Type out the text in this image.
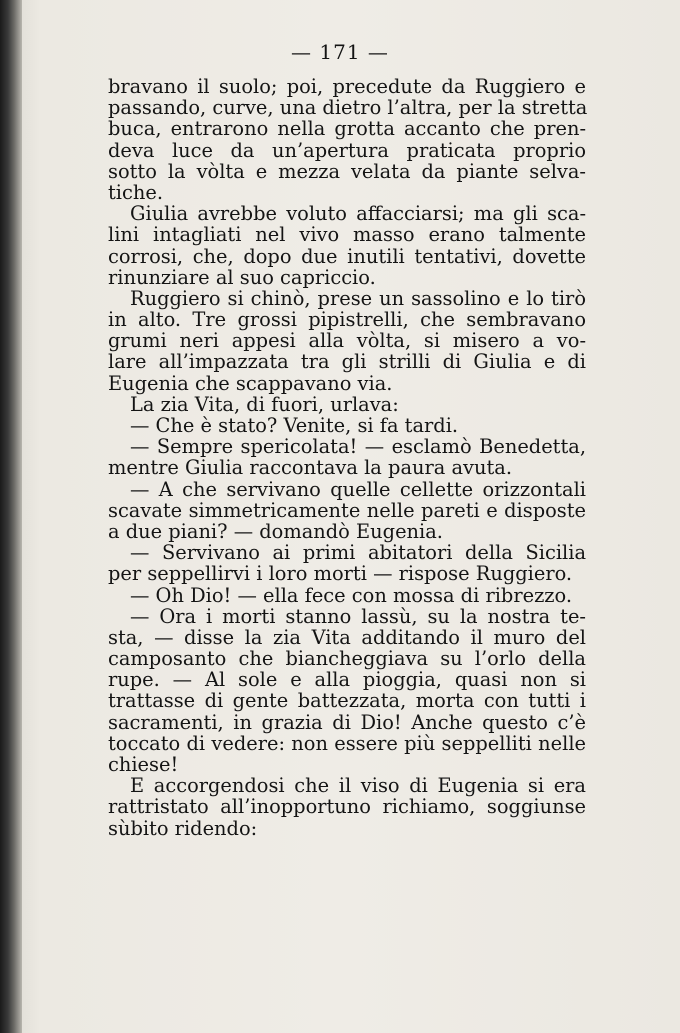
— 171 —
bravano il suolo; poi, precedute da Ruggiero e
passando, curve, una dietro l’altra, per la stretta
buca, entrarono nella grotta accanto che pren-
deva luce da un’apertura praticata proprio
sotto la vòlta e mezza velata da piante selva-
tiche.
Giulia avrebbe voluto affacciarsi; ma gli sca-
lini intagliati nel vivo masso erano talmente
corrosi, che, dopo due inutili tentativi, dovette
rinunziare al suo capriccio.
Ruggiero si chinò, prese un sassolino e lo tirò
in alto. Tre grossi pipistrelli, che sembravano
grumi neri appesi alla vòlta, si misero a vo-
lare all’impazzata tra gli strilli di Giulia e di
Eugenia che scappavano via.
La zia Vita, di fuori, urlava:
— Che è stato? Venite, si fa tardi.
— Sempre spericolata! — esclamò Benedetta,
mentre Giulia raccontava la paura avuta.
— A che servivano quelle cellette orizzontali
scavate simmetricamente nelle pareti e disposte
a due piani? — domandò Eugenia.
— Servivano ai primi abitatori della Sicilia
per seppellirvi i loro morti — rispose Ruggiero.
— Oh Dio! — ella fece con mossa di ribrezzo.
— Ora i morti stanno lassù, su la nostra te-
sta, — disse la zia Vita additando il muro del
camposanto che biancheggiava su l’orlo della
rupe. — Al sole e alla pioggia, quasi non si
trattasse di gente battezzata, morta con tutti i
sacramenti, in grazia di Dio! Anche questo c’è
toccato di vedere: non essere più seppelliti nelle
chiese!
E accorgendosi che il viso di Eugenia si era
rattristato all’inopportuno richiamo, soggiunse
sùbito ridendo:
